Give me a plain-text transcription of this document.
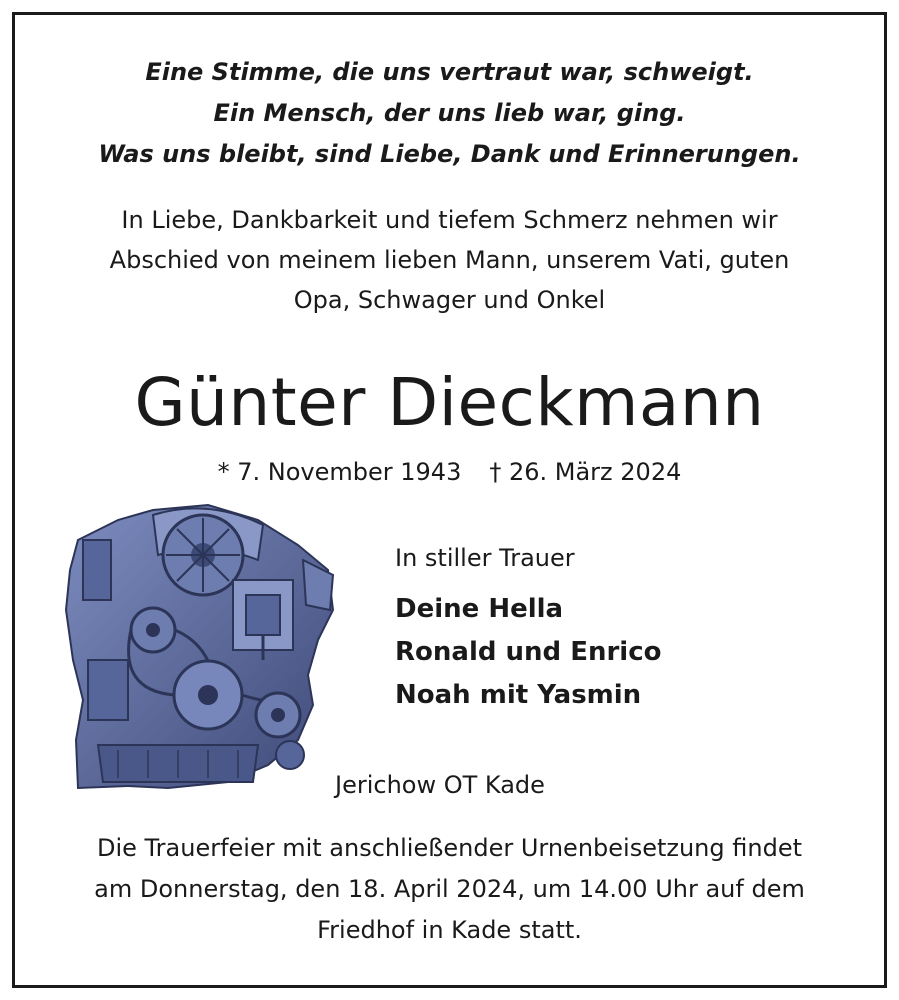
Eine Stimme, die uns vertraut war, schweigt.
Ein Mensch, der uns lieb war, ging.
Was uns bleibt, sind Liebe, Dank und Erinnerungen.
In Liebe, Dankbarkeit und tiefem Schmerz nehmen wir
Abschied von meinem lieben Mann, unserem Vati, guten
Opa, Schwager und Onkel
Günter Dieckmann
* 7. November 1943 † 26. März 2024
In stiller Trauer
Deine Hella
Ronald und Enrico
Noah mit Yasmin
Jerichow OT Kade
Die Trauerfeier mit anschließender Urnenbeisetzung findet
am Donnerstag, den 18. April 2024, um 14.00 Uhr auf dem
Friedhof in Kade statt.
